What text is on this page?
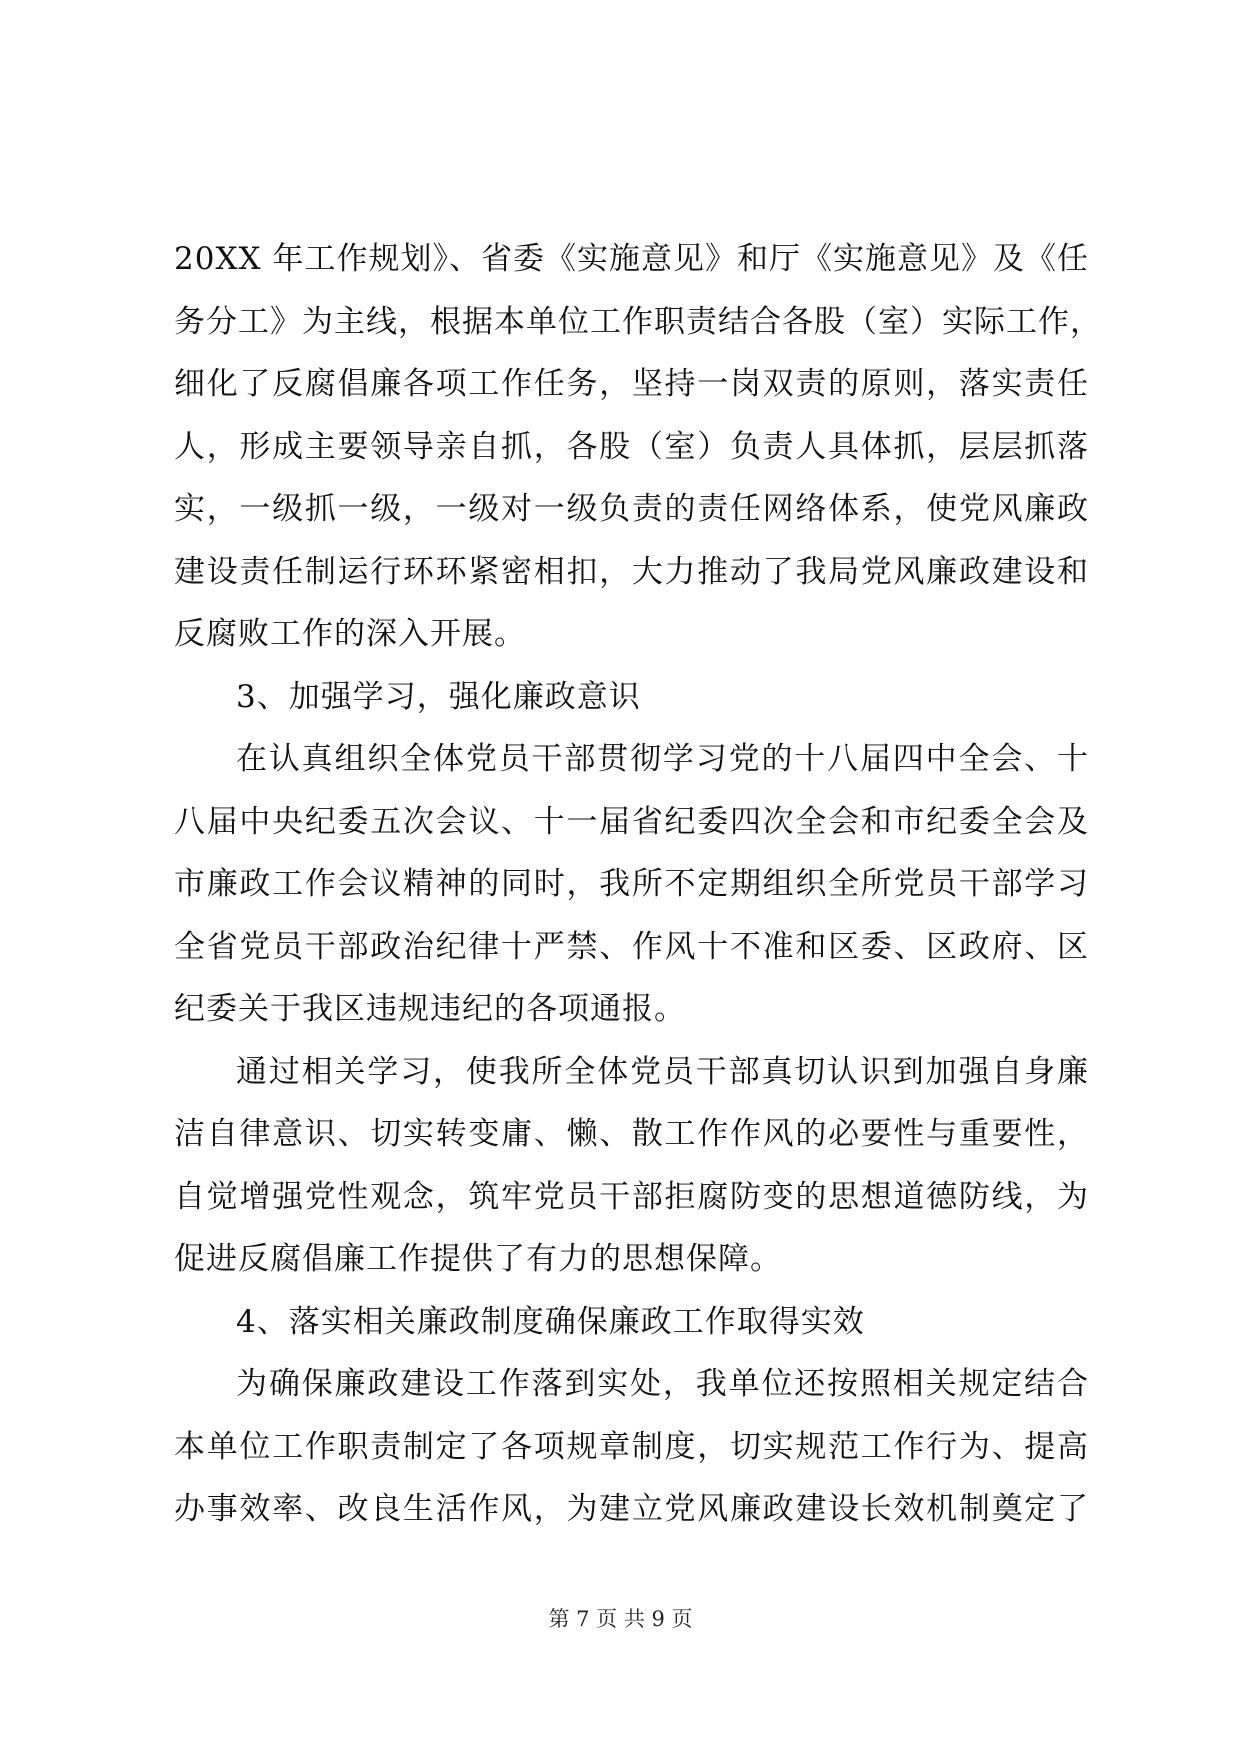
20XX 年工作规划》、省委《实施意见》和厅《实施意见》及《任
务分工》为主线，根据本单位工作职责结合各股（室）实际工作，
细化了反腐倡廉各项工作任务，坚持一岗双责的原则，落实责任
人，形成主要领导亲自抓，各股（室）负责人具体抓，层层抓落
实，一级抓一级，一级对一级负责的责任网络体系，使党风廉政
建设责任制运行环环紧密相扣，大力推动了我局党风廉政建设和
反腐败工作的深入开展。
3、加强学习，强化廉政意识
在认真组织全体党员干部贯彻学习党的十八届四中全会、十
八届中央纪委五次会议、十一届省纪委四次全会和市纪委全会及
市廉政工作会议精神的同时，我所不定期组织全所党员干部学习
全省党员干部政治纪律十严禁、作风十不准和区委、区政府、区
纪委关于我区违规违纪的各项通报。
通过相关学习，使我所全体党员干部真切认识到加强自身廉
洁自律意识、切实转变庸、懒、散工作作风的必要性与重要性，
自觉增强党性观念，筑牢党员干部拒腐防变的思想道德防线，为
促进反腐倡廉工作提供了有力的思想保障。
4、落实相关廉政制度确保廉政工作取得实效
为确保廉政建设工作落到实处，我单位还按照相关规定结合
本单位工作职责制定了各项规章制度，切实规范工作行为、提高
办事效率、改良生活作风，为建立党风廉政建设长效机制奠定了
第 7 页 共 9 页
